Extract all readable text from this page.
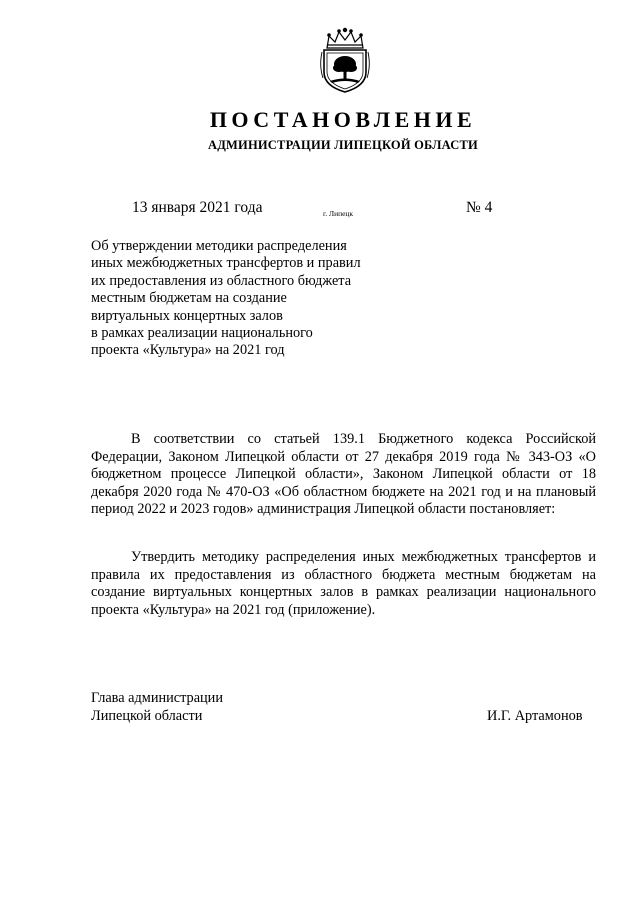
ПОСТАНОВЛЕНИЕ
АДМИНИСТРАЦИИ ЛИПЕЦКОЙ ОБЛАСТИ
13 января 2021 года	г. Липецк	№ 4
Об утверждении методики распределения
иных межбюджетных трансфертов и правил
их предоставления из областного бюджета
местным бюджетам на создание
виртуальных концертных залов
в рамках реализации национального
проекта «Культура» на 2021 год
В соответствии со статьей 139.1 Бюджетного кодекса Российской Федерации, Законом Липецкой области от 27 декабря 2019 года № 343-ОЗ «О бюджетном процессе Липецкой области», Законом Липецкой области от 18 декабря 2020 года № 470-ОЗ «Об областном бюджете на 2021 год и на плановый период 2022 и 2023 годов» администрация Липецкой области постановляет:
Утвердить методику распределения иных межбюджетных трансфертов и правила их предоставления из областного бюджета местным бюджетам на создание виртуальных концертных залов в рамках реализации национального проекта «Культура» на 2021 год (приложение).
Глава администрации
Липецкой области	И.Г. Артамонов
